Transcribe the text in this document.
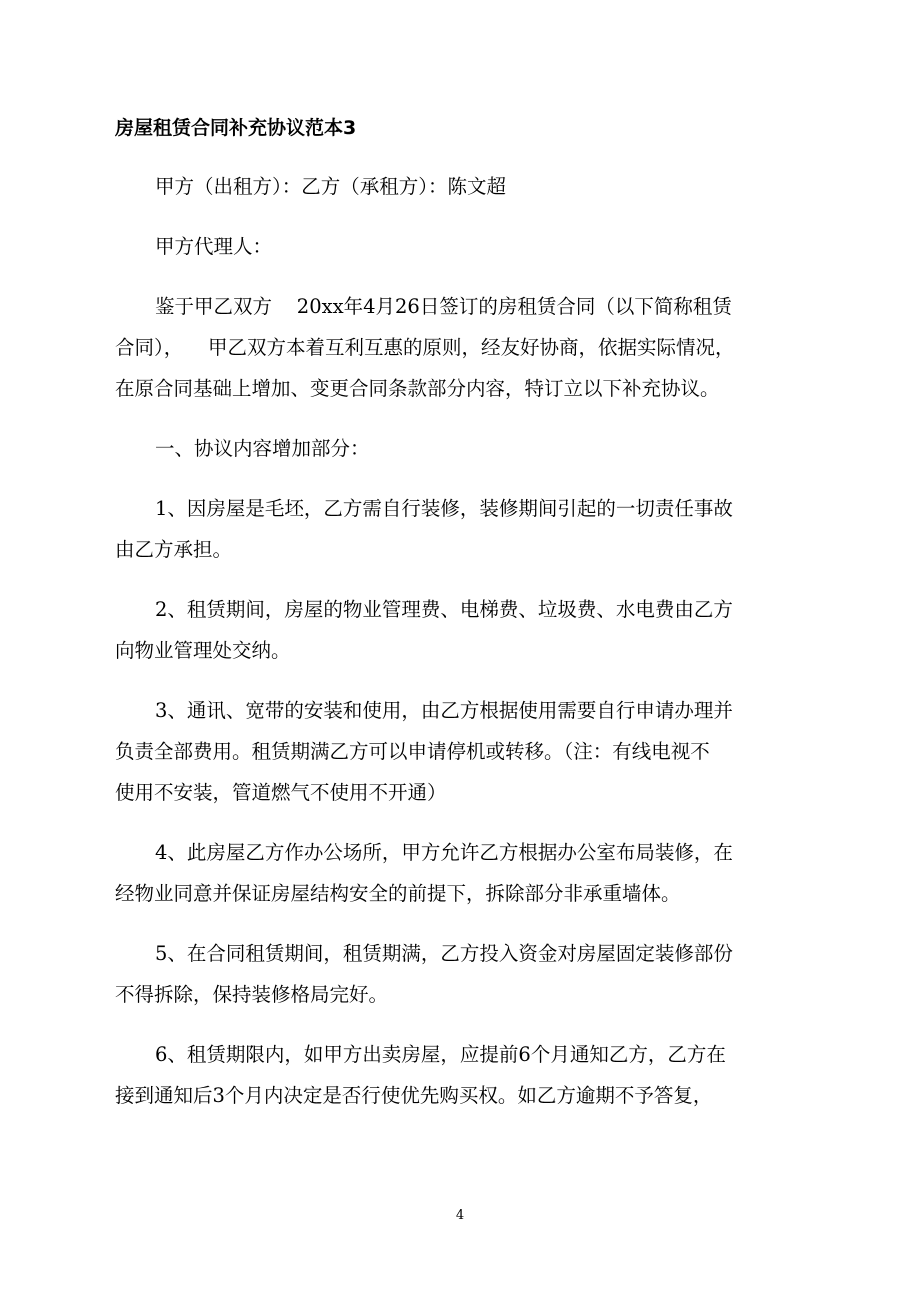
房屋租赁合同补充协议范本3
甲方（出租方）：乙方（承租方）：陈文超
甲方代理人：
鉴于甲乙双方    20xx年4月26日签订的房租赁合同（以下简称租赁
合同），    甲乙双方本着互利互惠的原则，经友好协商，依据实际情况，
在原合同基础上增加、变更合同条款部分内容，特订立以下补充协议。
一、协议内容增加部分：
1、因房屋是毛坯，乙方需自行装修，装修期间引起的一切责任事故
由乙方承担。
2、租赁期间，房屋的物业管理费、电梯费、垃圾费、水电费由乙方
向物业管理处交纳。
3、通讯、宽带的安装和使用，由乙方根据使用需要自行申请办理并
负责全部费用。租赁期满乙方可以申请停机或转移。（注：有线电视不
使用不安装，管道燃气不使用不开通）
4、此房屋乙方作办公场所，甲方允许乙方根据办公室布局装修，在
经物业同意并保证房屋结构安全的前提下，拆除部分非承重墙体。
5、在合同租赁期间，租赁期满，乙方投入资金对房屋固定装修部份
不得拆除，保持装修格局完好。
6、租赁期限内，如甲方出卖房屋，应提前6个月通知乙方，乙方在
接到通知后3个月内决定是否行使优先购买权。如乙方逾期不予答复，
4
